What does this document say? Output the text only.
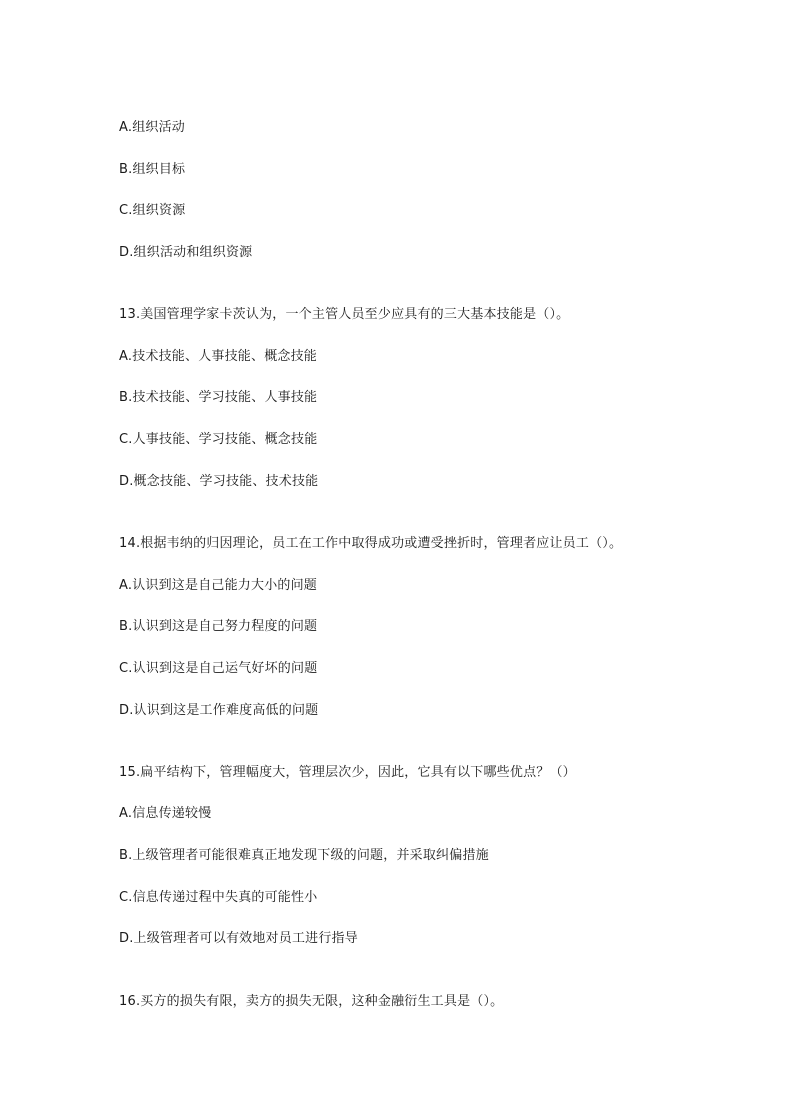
A.组织活动
B.组织目标
C.组织资源
D.组织活动和组织资源
13.美国管理学家卡茨认为，一个主管人员至少应具有的三大基本技能是（）。
A.技术技能、人事技能、概念技能
B.技术技能、学习技能、人事技能
C.人事技能、学习技能、概念技能
D.概念技能、学习技能、技术技能
14.根据韦纳的归因理论，员工在工作中取得成功或遭受挫折时，管理者应让员工（）。
A.认识到这是自己能力大小的问题
B.认识到这是自己努力程度的问题
C.认识到这是自己运气好坏的问题
D.认识到这是工作难度高低的问题
15.扁平结构下，管理幅度大，管理层次少，因此，它具有以下哪些优点？（）
A.信息传递较慢
B.上级管理者可能很难真正地发现下级的问题，并采取纠偏措施
C.信息传递过程中失真的可能性小
D.上级管理者可以有效地对员工进行指导
16.买方的损失有限，卖方的损失无限，这种金融衍生工具是（）。
